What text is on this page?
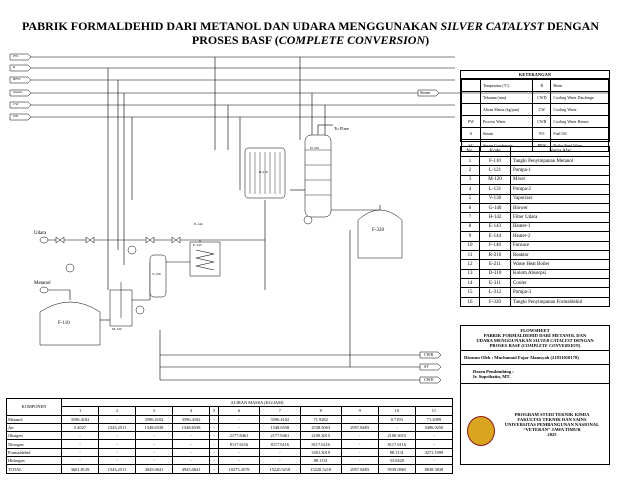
PABRIK FORMALDEHID DARI METANOL DAN UDARA MENGGUNAKAN SILVER CATALYST DENGAN
PROSES BASF (COMPLETE CONVERSION)
Udara
Metanol
Steam
To Flare
CWR
ST
CWD
PW
R
BFW
Steam
CW
WP
F-110
F-320
M-120
V-130
R-210
D-310
E-143
E-144
KETERANGAN
	Temperatur (°C)	R	Brine
	Tekanan (atm)	CWD	Cooling Water Discharge
	Aliran Massa (kg/jam)	CW	Cooling Water
PW	Process Water	CWR	Cooling Water Return
S	Steam	FO	Fuel Oil
SC	Steam Condensate	BFW	Boiler Feed Water
No.	Kode	Nama Alat
1	F-110	Tangki Penyimpanan Metanol
2	L-121	Pompa-1
3	M-120	Mixer
4	L-131	Pompa-2
5	V-130	Vaporizer
6	G-140	Blower
7	H-142	Filter Udara
8	E-143	Heater-1
9	E-144	Heater-2
10	F-140	Furnace
11	R-210	Reaktor
12	E-211	Waste Heat Boiler
13	D-310	Kolom Absorpsi
14	E-311	Cooler
15	L-312	Pompa-3
16	F-320	Tangki Penyimpanan Formaldehid
FLOWSHEET
PABRIK FORMALDEHID DARI METANOL DAN
UDARA MENGGUNAKAN SILVER CATALYST DENGAN
PROSES BASF (COMPLETE CONVERSION)
Disusun Oleh : Muchamad Fajar Alamsyah (21031010178)
Dosen Pembimbing :
Ir. Suprihatin, MT.
PROGRAM STUDI TEKNIK KIMIA
FAKULTAS TEKNIK DAN SAINS
UNIVERSITAS PEMBANGUNAN NASIONAL
“VETERAN” JAWA TIMUR
2025
KOMPONEN	ALIRAN MASSA (KG/JAM)										
	1	2	3	4	5	6	7	8	9	10	11
Metanol	3596.4102	-	3596.4102	3596.4102	-	-	3596.4102	71.9282	-	0.7193	71.2089
Air	5.4027	1543.2511	1548.6538	1548.6538	-	-	1548.6538	2538.5063	2957.8483	-	5496.0250
Oksigen	-	-	-	-	-	2177.8461	2177.8461	2100.3015	-	2100.3015	-
Nitrogen	-	-	-	-	-	8117.6116	8117.6116	8117.6116	-	8117.6116	-
Formaldehid	-	-	-	-	-	-	-	3301.3019	-	88.1131	3271.1999
Hidrogen	-	-	-	-	-	-	-	88.1131	-	33.0420	-
TOTAL	3601.8129	1543.2511	4945.0641	4945.0641	-	10275.4578	15220.5218	15220.5218	2957.8483	9539.0865	8838.3838
